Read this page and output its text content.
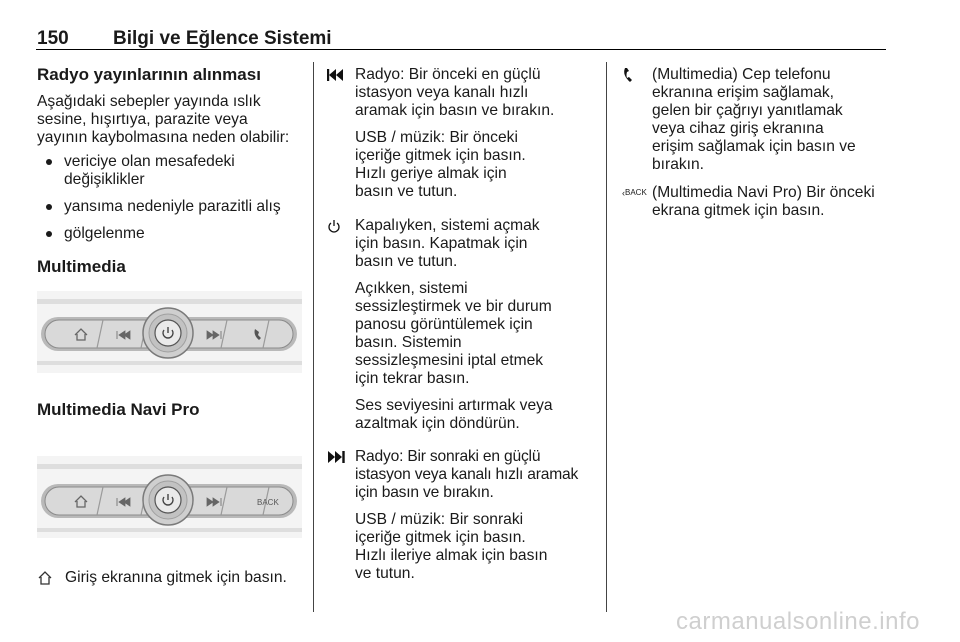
150 Bilgi ve Eğlence Sistemi
Radyo yayınlarının alınması

Aşağıdaki sebepler yayında ıslık sesine, hışırtıya, parazite veya yayının kaybolmasına neden olabilir:

vericiye olan mesafedeki değişiklikler
yansıma nedeniyle parazitli alış
gölgelenme
Multimedia
Multimedia Navi Pro
BACK

Giriş ekranına gitmek için basın.

Radyo: Bir önceki en güçlü istasyon veya kanalı hızlı aramak için basın ve bırakın.

USB / müzik: Bir önceki içeriğe gitmek için basın. Hızlı geriye almak için basın ve tutun.

Kapalıyken, sistemi açmak için basın. Kapatmak için basın ve tutun.

Açıkken, sistemi sessizleştirmek ve bir durum panosu görüntülemek için basın. Sistemin sessizleşmesini iptal etmek için tekrar basın.

Ses seviyesini artırmak veya azaltmak için döndürün.

Radyo: Bir sonraki en güçlü istasyon veya kanalı hızlı aramak için basın ve bırakın.

USB / müzik: Bir sonraki içeriğe gitmek için basın. Hızlı ileriye almak için basın ve tutun.

(Multimedia) Cep telefonu ekranına erişim sağlamak, gelen bir çağrıyı yanıtlamak veya cihaz giriş ekranına erişim sağlamak için basın ve bırakın.

‹ BACK (Multimedia Navi Pro) Bir önceki ekrana gitmek için basın.

carmanualsonline.info
